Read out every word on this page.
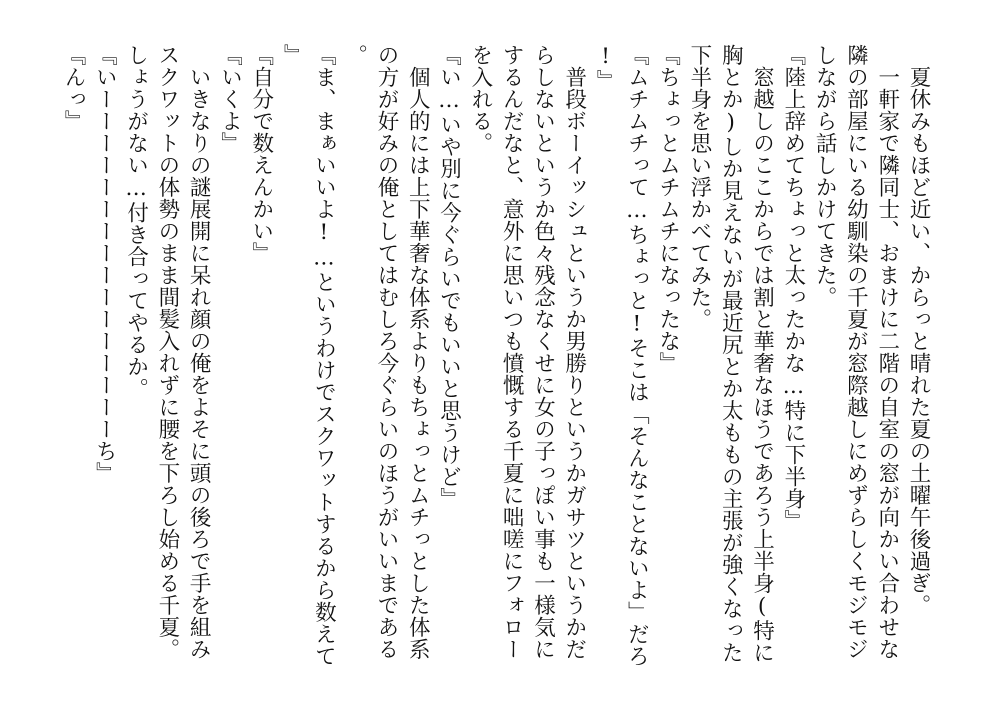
夏休みもほど近い、からっと晴れた夏の土曜午後過ぎ。

一軒家で隣同士、おまけに二階の自室の窓が向かい合わせな隣の部屋にいる幼馴染の千夏が窓際越しにめずらしくモジモジしながら話しかけてきた。

『陸上辞めてちょっと太ったかな…特に下半身』

窓越しのここからでは割と華奢なほうであろう上半身(特に胸とか)しか見えないが最近尻とか太ももの主張が強くなった下半身を思い浮かべてみた。

『ちょっとムチムチになったな』

『ムチムチって…ちょっと!そこは「そんなことないよ」だろ!』

普段ボーイッシュというか男勝りというかガサツというかだらしないというか色々残念なくせに女の子っぽい事も一様気にするんだなと、意外に思いつも憤慨する千夏に咄嗟にフォローを入れる。

『い…いや別に今ぐらいでもいいと思うけど』

個人的には上下華奢な体系よりもちょっとムチっとした体系の方が好みの俺としてはむしろ今ぐらいのほうがいいまである。

『ま、まぁいいよ!…というわけでスクワットするから数えて』

『自分で数えんかい』

『いくよ』

いきなりの謎展開に呆れ顔の俺をよそに頭の後ろで手を組みスクワットの体勢のまま間髪入れずに腰を下ろし始める千夏。しょうがない…付き合ってやるか。

『いーーーーーーーーーーーーーーーーち』

『んっ』
